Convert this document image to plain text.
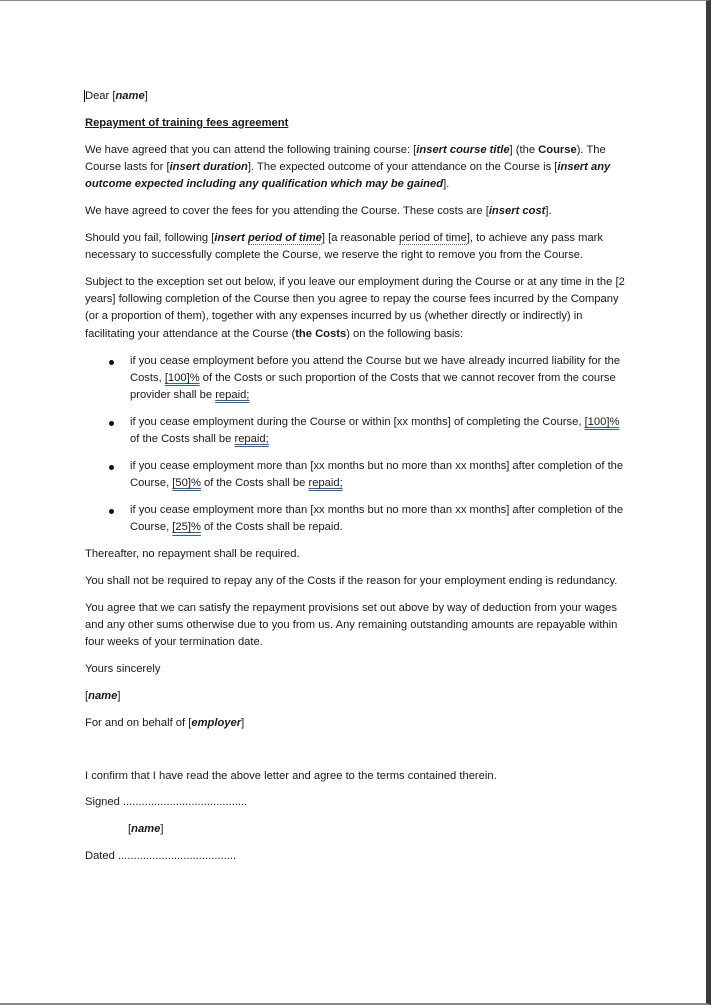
Dear [name]

Repayment of training fees agreement

We have agreed that you can attend the following training course: [insert course title] (the Course). The Course lasts for [insert duration]. The expected outcome of your attendance on the Course is [insert any outcome expected including any qualification which may be gained].

We have agreed to cover the fees for you attending the Course. These costs are [insert cost].

Should you fail, following [insert period of time] [a reasonable period of time], to achieve any pass mark necessary to successfully complete the Course, we reserve the right to remove you from the Course.

Subject to the exception set out below, if you leave our employment during the Course or at any time in the [2 years] following completion of the Course then you agree to repay the course fees incurred by the Company (or a proportion of them), together with any expenses incurred by us (whether directly or indirectly) in facilitating your attendance at the Course (the Costs) on the following basis:

if you cease employment before you attend the Course but we have already incurred liability for the Costs, [100]% of the Costs or such proportion of the Costs that we cannot recover from the course provider shall be repaid;
if you cease employment during the Course or within [xx months] of completing the Course, [100]% of the Costs shall be repaid;
if you cease employment more than [xx months but no more than xx months] after completion of the Course, [50]% of the Costs shall be repaid;
if you cease employment more than [xx months but no more than xx months] after completion of the Course, [25]% of the Costs shall be repaid.

Thereafter, no repayment shall be required.

You shall not be required to repay any of the Costs if the reason for your employment ending is redundancy.

You agree that we can satisfy the repayment provisions set out above by way of deduction from your wages and any other sums otherwise due to you from us. Any remaining outstanding amounts are repayable within four weeks of your termination date.

Yours sincerely

[name]

For and on behalf of [employer]

I confirm that I have read the above letter and agree to the terms contained therein.

Signed ........................................

[name]

Dated ......................................
